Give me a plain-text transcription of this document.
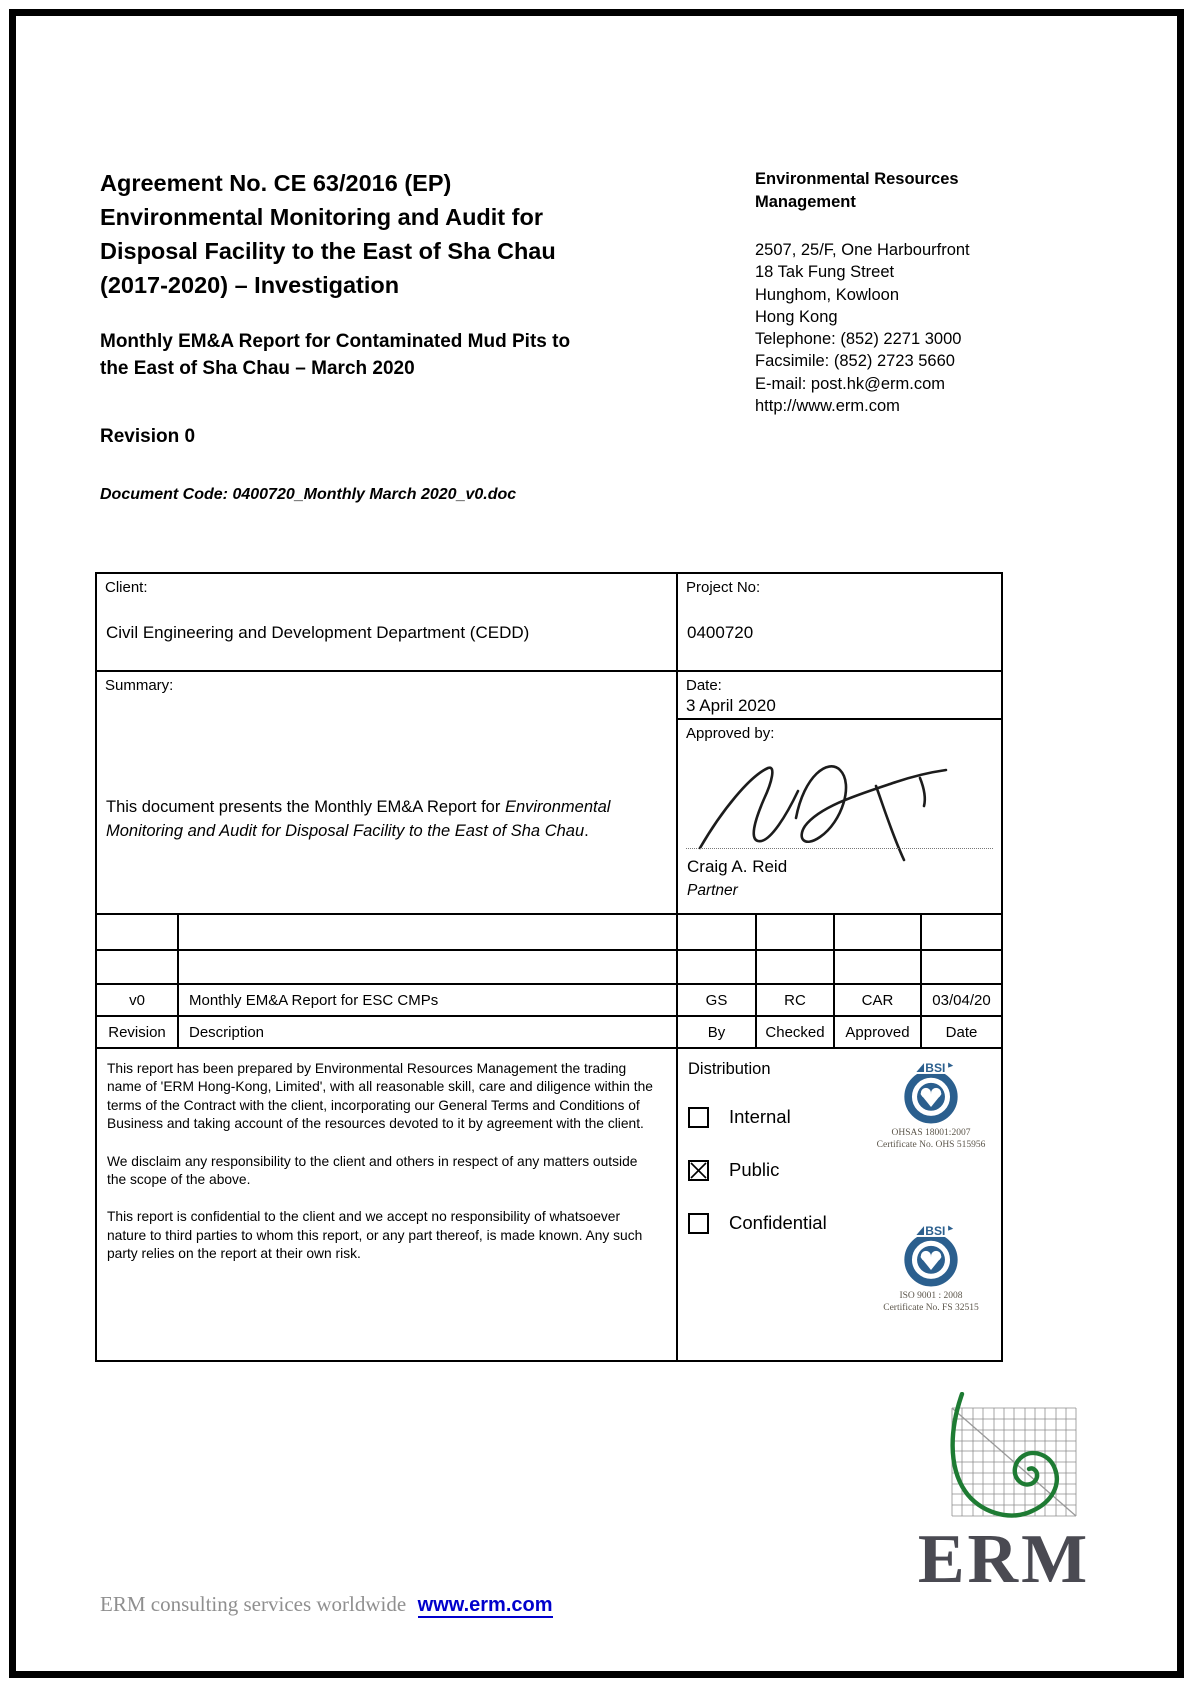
Agreement No. CE 63/2016 (EP)
Environmental Monitoring and Audit for
Disposal Facility to the East of Sha Chau
(2017-2020) – Investigation
Monthly EM&A Report for Contaminated Mud Pits to
the East of Sha Chau – March 2020
Revision 0
Document Code: 0400720_Monthly March 2020_v0.doc
Environmental Resources
Management
2507, 25/F, One Harbourfront
18 Tak Fung Street
Hunghom, Kowloon
Hong Kong
Telephone: (852) 2271 3000
Facsimile: (852) 2723 5660
E-mail: post.hk@erm.com
http://www.erm.com
Client:
Civil Engineering and Development Department (CEDD)
Project No:
0400720
Summary:
This document presents the Monthly EM&A Report for Environmental Monitoring and Audit for Disposal Facility to the East of Sha Chau.
Date:
3 April 2020
Approved by:
Craig A. Reid
Partner
v0	Monthly EM&A Report for ESC CMPs	GS	RC	CAR	03/04/20
Revision	Description	By	Checked	Approved	Date

This report has been prepared by Environmental Resources Management the trading name of 'ERM Hong-Kong, Limited', with all reasonable skill, care and diligence within the terms of the Contract with the client, incorporating our General Terms and Conditions of Business and taking account of the resources devoted to it by agreement with the client.

We disclaim any responsibility to the client and others in respect of any matters outside the scope of the above.

This report is confidential to the client and we accept no responsibility of whatsoever nature to third parties to whom this report, or any part thereof, is made known. Any such party relies on the report at their own risk.

Distribution
Internal
Public
Confidential
BSI
OHSAS 18001:2007
Certificate No. OHS 515956
BSI
ISO 9001 : 2008
Certificate No. FS 32515
ERM
ERM consulting services worldwide www.erm.com
